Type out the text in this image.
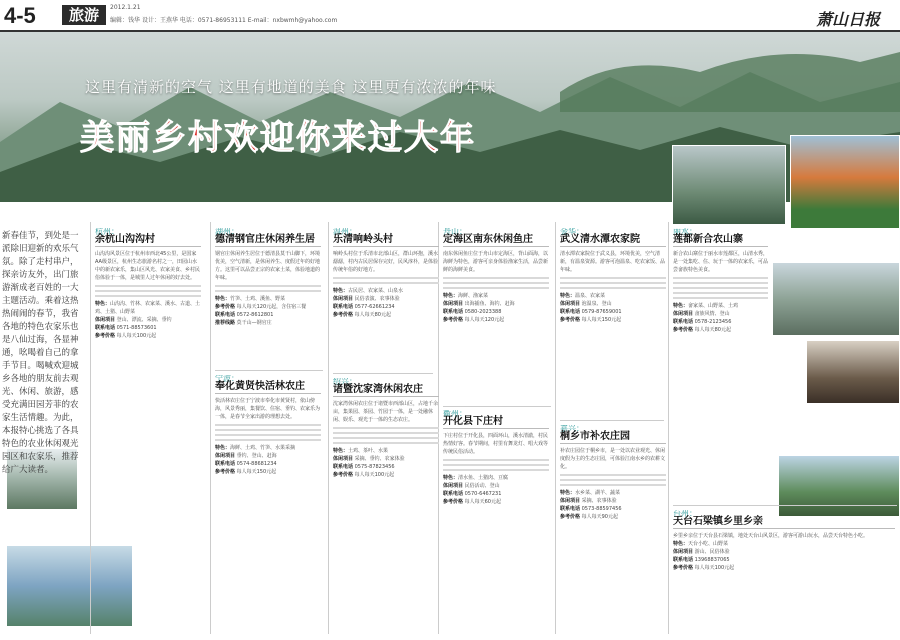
4-5	旅游	2012.1.21
编辑：钱华 设计：王燕华 电话：0571-86953111 E-mail：nxbwmh@yahoo.com	萧山日报
这里有清新的空气 这里有地道的美食 这里更有浓浓的年味
美丽乡村欢迎你来过大年
新春佳节，到处是一派除旧迎新的欢乐气氛。除了走村串户，探亲访友外，出门旅游渐成老百姓的一大主题活动。乘着这热热闹闹的春节，我省各地的特色农家乐也是八仙过海，各显神通，吆喝着自己的拿手节目。喝喊欢迎城乡各地的朋友前去观光、休闲、旅游，感受充满田园芳菲的农家生活情趣。为此，本报特心挑选了各具特色的农业休闲观光园区和农家乐，推荐给广大读者。
杭州：
余杭山沟沟村

山沟沟风景区位于杭州市西北45公里，是国家AA级景区，杭州生态旅游名村之一，田园山水中的新农家乐，集山区风光、农家美食、乡村民俗体验于一体，是城里人过年休闲的好去处。

特色：山沟沟、竹林、农家菜、溪水、古道、土鸡、土猪、山野菜
体闲项目 登山、漂流、采摘、垂钓
联系电话 0571-88573601
参考价格 每人每天100元起
湖州：
德清钢官庄休闲养生居

钢官庄休闲养生居位于德清县莫干山脚下，环境优美，空气清新，是休闲养生、度假过年的好地方。这里可以品尝正宗的农家土菜，体验地道的年味。

特色：竹笋、土鸡、溪鱼、野菜
参考价格 每人每天120元起，含住宿三餐
联系电话 0572-8612801
推荐线路 莫干山—钢官庄
宁波：
奉化黄贤快活林农庄

快活林农庄位于宁波市奉化市黄贤村，依山傍海，风景秀丽，集餐饮、住宿、垂钓、农家乐为一体，是春节全家出游的理想去处。

特色：海鲜、土鸡、竹笋、水果采摘
体闲项目 垂钓、登山、赶海
联系电话 0574-88681234
参考价格 每人每天150元起
温州：
乐清响岭头村

响岭头村位于乐清市北部山区，群山环抱，溪水潺潺，村内古民居保存完好，民风淳朴，是体验传统年俗的好地方。

特色：古民居、农家菜、山泉水
体闲项目 民俗表演、农事体验
联系电话 0577-62661234
参考价格 每人每天80元起
绍兴：
诸暨沈家湾休闲农庄

沈家湾休闲农庄位于诸暨市西部山区，占地千余亩，集果园、茶园、竹园于一体，是一处融休闲、娱乐、观光于一体的生态农庄。

特色：土鸡、茶叶、水果
体闲项目 采摘、垂钓、农家体验
联系电话 0575-87823456
参考价格 每人每天100元起
舟山：
定海区南东休闲鱼庄

南东休闲鱼庄位于舟山市定海区，背山面海，以海鲜为特色，游客可亲身体验渔家生活，品尝新鲜的海鲜美食。

特色：海鲜、渔家菜
体闲项目 出海捕鱼、海钓、赶海
联系电话 0580-2023388
参考价格 每人每天120元起
衢州：
开化县下庄村

下庄村位于开化县，四面环山，溪水清澈，村民热情好客。春节期间，村里有舞龙灯、唱大戏等传统民俗活动。

特色：清水鱼、土猪肉、豆腐
体闲项目 民俗活动、登山
联系电话 0570-6467231
参考价格 每人每天60元起
金华：
武义清水潭农家院

清水潭农家院位于武义县，环境优美，空气清新，有温泉资源。游客可泡温泉、吃农家饭、品年味。

特色：温泉、农家菜
体闲项目 泡温泉、登山
联系电话 0579-87659001
参考价格 每人每天150元起
嘉兴：
桐乡市补农庄园

补农庄园位于桐乡市，是一处以农业观光、休闲度假为主的生态庄园，可体验江南水乡的农耕文化。

特色：水乡菜、湖羊、蔬菜
体闲项目 采摘、农事体验
联系电话 0573-88597456
参考价格 每人每天90元起
丽水：
莲都新合农山寨

新合农山寨位于丽水市莲都区，山清水秀，是一处集吃、住、玩于一体的农家乐，可品尝畲族特色美食。

特色：畲家菜、山野菜、土鸡
体闲项目 畲族风情、登山
联系电话 0578-2123456
参考价格 每人每天80元起
台州：
天台石梁镇乡里乡亲

乡里乡亲位于天台县石梁镇，地处天台山风景区，游客可游山玩水，品尝天台特色小吃。

特色：天台小吃、山野菜
体闲项目 游山、民俗体验
联系电话 13968837065
参考价格 每人每天100元起
